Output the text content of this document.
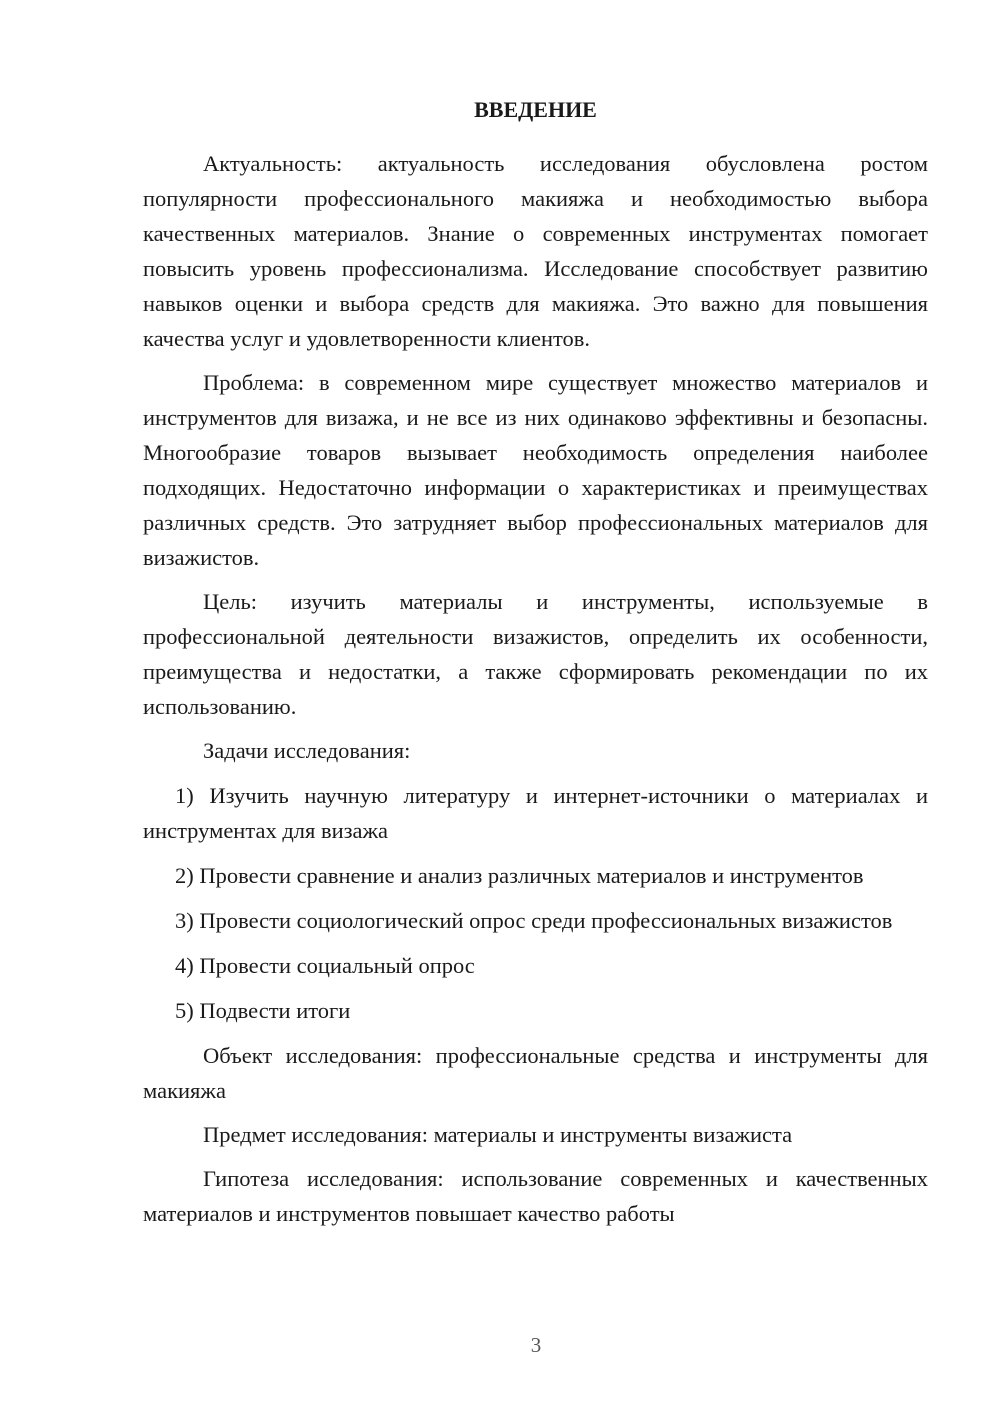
ВВЕДЕНИЕ

Актуальность: актуальность исследования обусловлена ростом популярности профессионального макияжа и необходимостью выбора качественных материалов. Знание о современных инструментах помогает повысить уровень профессионализма. Исследование способствует развитию навыков оценки и выбора средств для макияжа. Это важно для повышения качества услуг и удовлетворенности клиентов.

Проблема: в современном мире существует множество материалов и инструментов для визажа, и не все из них одинаково эффективны и безопасны. Многообразие товаров вызывает необходимость определения наиболее подходящих. Недостаточно информации о характеристиках и преимуществах различных средств. Это затрудняет выбор профессиональных материалов для визажистов.

Цель: изучить материалы и инструменты, используемые в профессиональной деятельности визажистов, определить их особенности, преимущества и недостатки, а также сформировать рекомендации по их использованию.

Задачи исследования:

1) Изучить научную литературу и интернет-источники о материалах и инструментах для визажа

2) Провести сравнение и анализ различных материалов и инструментов

3) Провести социологический опрос среди профессиональных визажистов

4) Провести социальный опрос

5) Подвести итоги

Объект исследования: профессиональные средства и инструменты для макияжа

Предмет исследования: материалы и инструменты визажиста

Гипотеза исследования: использование современных и качественных материалов и инструментов повышает качество работы

3
